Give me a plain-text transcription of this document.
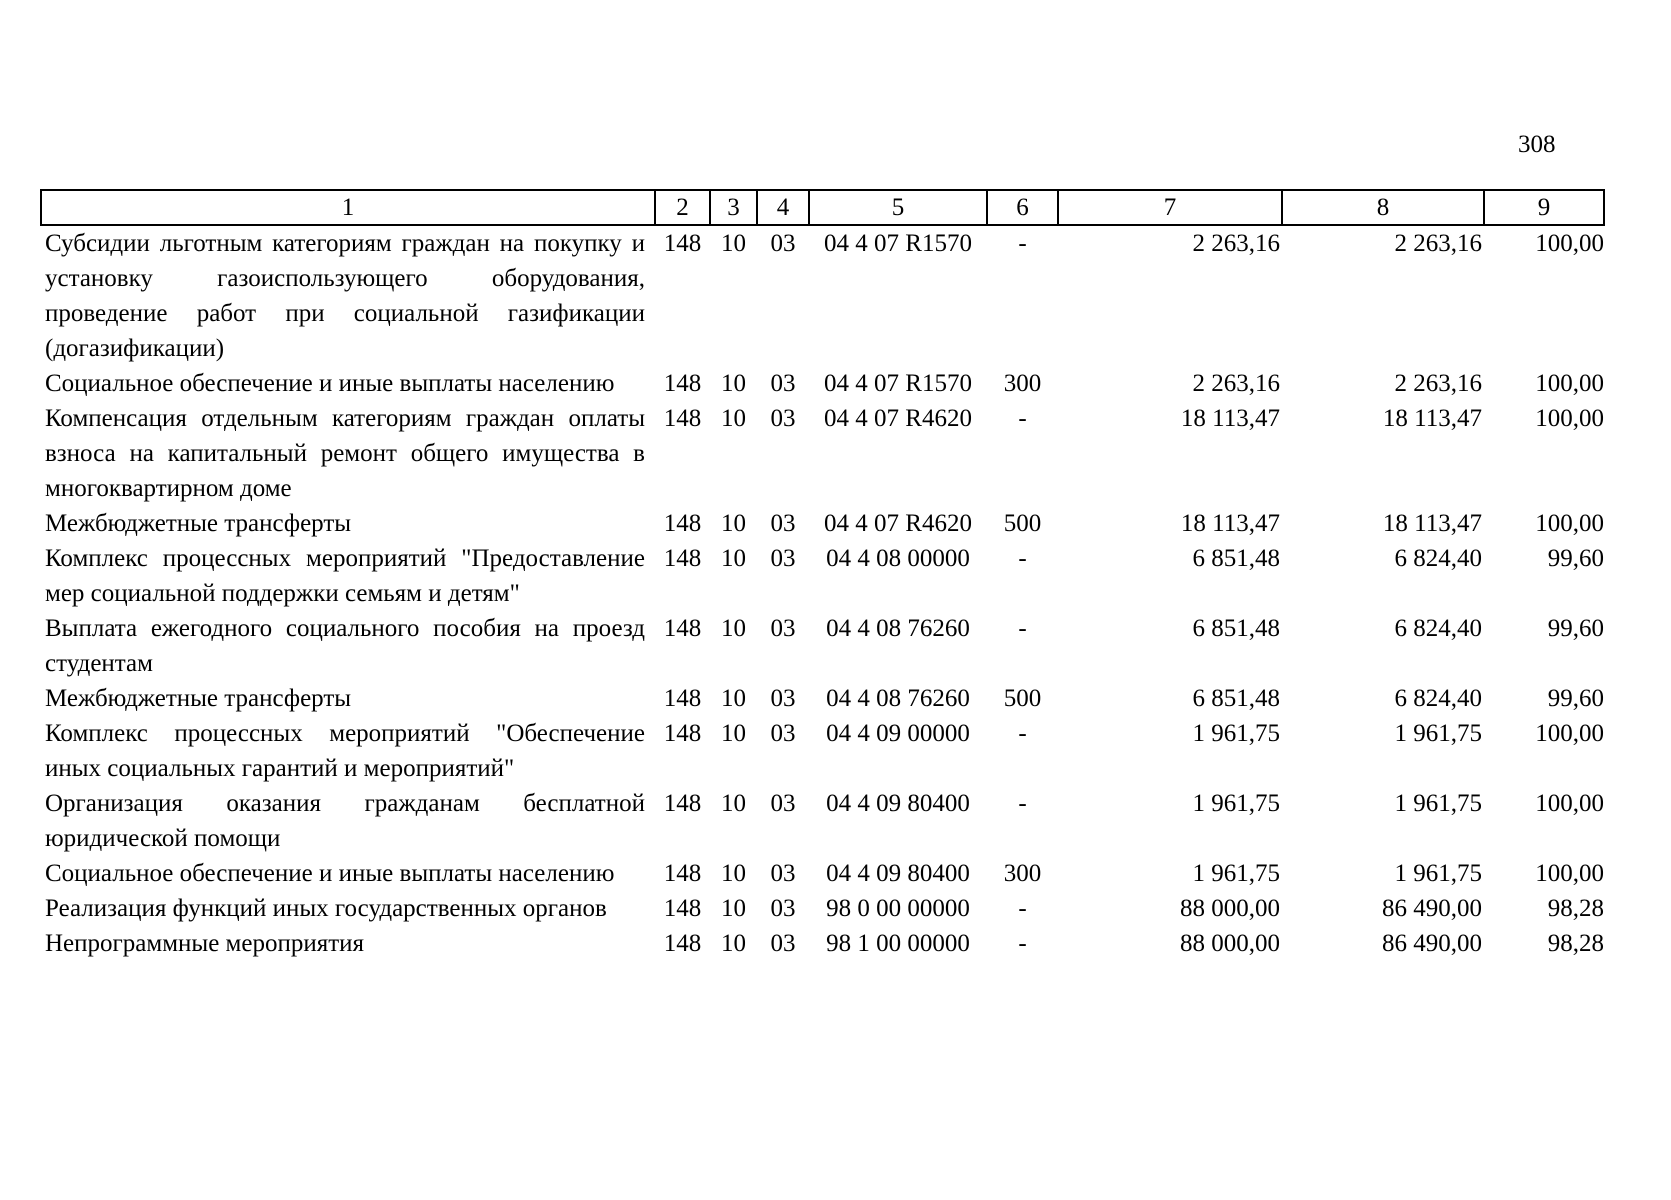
308
1	2	3	4	5	6	7	8	9
Субсидии льготным категориям граждан на покупку и установку газоиспользующего оборудования, проведение работ при социальной газификации (догазификации)	148	10	03	04 4 07 R1570	-	2 263,16	2 263,16	100,00
Социальное обеспечение и иные выплаты населению	148	10	03	04 4 07 R1570	300	2 263,16	2 263,16	100,00
Компенсация отдельным категориям граждан оплаты взноса на капитальный ремонт общего имущества в многоквартирном доме	148	10	03	04 4 07 R4620	-	18 113,47	18 113,47	100,00
Межбюджетные трансферты	148	10	03	04 4 07 R4620	500	18 113,47	18 113,47	100,00
Комплекс процессных мероприятий "Предоставление мер социальной поддержки семьям и детям"	148	10	03	04 4 08 00000	-	6 851,48	6 824,40	99,60
Выплата ежегодного социального пособия на проезд студентам	148	10	03	04 4 08 76260	-	6 851,48	6 824,40	99,60
Межбюджетные трансферты	148	10	03	04 4 08 76260	500	6 851,48	6 824,40	99,60
Комплекс процессных мероприятий "Обеспечение иных социальных гарантий и мероприятий"	148	10	03	04 4 09 00000	-	1 961,75	1 961,75	100,00
Организация оказания гражданам бесплатной юридической помощи	148	10	03	04 4 09 80400	-	1 961,75	1 961,75	100,00
Социальное обеспечение и иные выплаты населению	148	10	03	04 4 09 80400	300	1 961,75	1 961,75	100,00
Реализация функций иных государственных органов	148	10	03	98 0 00 00000	-	88 000,00	86 490,00	98,28
Непрограммные мероприятия	148	10	03	98 1 00 00000	-	88 000,00	86 490,00	98,28
